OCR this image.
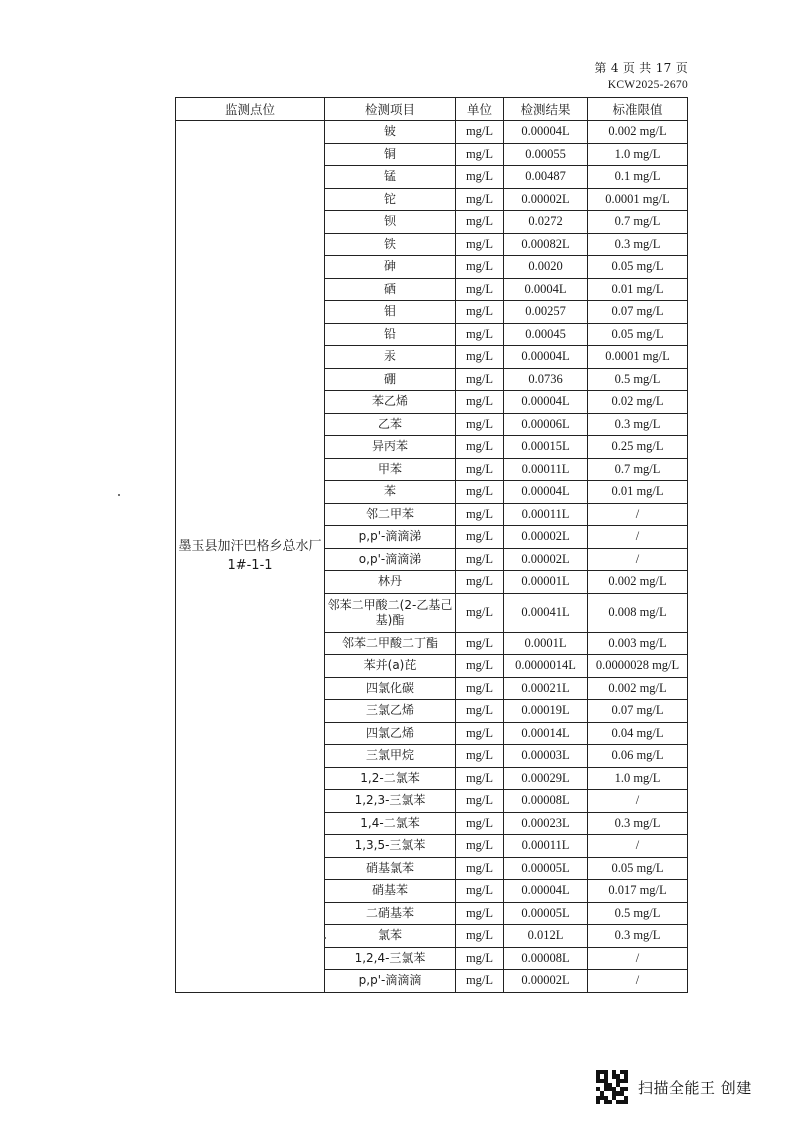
第 4 页 共 17 页
KCW2025-2670
监测点位	检测项目	单位	检测结果	标准限值
墨玉县加汗巴格乡总水厂 1#-1-1	铍	mg/L	0.00004L	0.002 mg/L
	铜	mg/L	0.00055	1.0 mg/L
	锰	mg/L	0.00487	0.1 mg/L
	铊	mg/L	0.00002L	0.0001 mg/L
	钡	mg/L	0.0272	0.7 mg/L
	铁	mg/L	0.00082L	0.3 mg/L
	砷	mg/L	0.0020	0.05 mg/L
	硒	mg/L	0.0004L	0.01 mg/L
	钼	mg/L	0.00257	0.07 mg/L
	铅	mg/L	0.00045	0.05 mg/L
	汞	mg/L	0.00004L	0.0001 mg/L
	硼	mg/L	0.0736	0.5 mg/L
	苯乙烯	mg/L	0.00004L	0.02 mg/L
	乙苯	mg/L	0.00006L	0.3 mg/L
	异丙苯	mg/L	0.00015L	0.25 mg/L
	甲苯	mg/L	0.00011L	0.7 mg/L
	苯	mg/L	0.00004L	0.01 mg/L
	邻二甲苯	mg/L	0.00011L	/
	p,p'-滴滴涕	mg/L	0.00002L	/
	o,p'-滴滴涕	mg/L	0.00002L	/
	林丹	mg/L	0.00001L	0.002 mg/L
	邻苯二甲酸二(2-乙基己基)酯	mg/L	0.00041L	0.008 mg/L
	邻苯二甲酸二丁酯	mg/L	0.0001L	0.003 mg/L
	苯并(a)芘	mg/L	0.0000014L	0.0000028 mg/L
	四氯化碳	mg/L	0.00021L	0.002 mg/L
	三氯乙烯	mg/L	0.00019L	0.07 mg/L
	四氯乙烯	mg/L	0.00014L	0.04 mg/L
	三氯甲烷	mg/L	0.00003L	0.06 mg/L
	1,2-二氯苯	mg/L	0.00029L	1.0 mg/L
	1,2,3-三氯苯	mg/L	0.00008L	/
	1,4-二氯苯	mg/L	0.00023L	0.3 mg/L
	1,3,5-三氯苯	mg/L	0.00011L	/
	硝基氯苯	mg/L	0.00005L	0.05 mg/L
	硝基苯	mg/L	0.00004L	0.017 mg/L
	二硝基苯	mg/L	0.00005L	0.5 mg/L
	氯苯	mg/L	0.012L	0.3 mg/L
	1,2,4-三氯苯	mg/L	0.00008L	/
	p,p'-滴滴滴	mg/L	0.00002L	/
扫描全能王 创建
